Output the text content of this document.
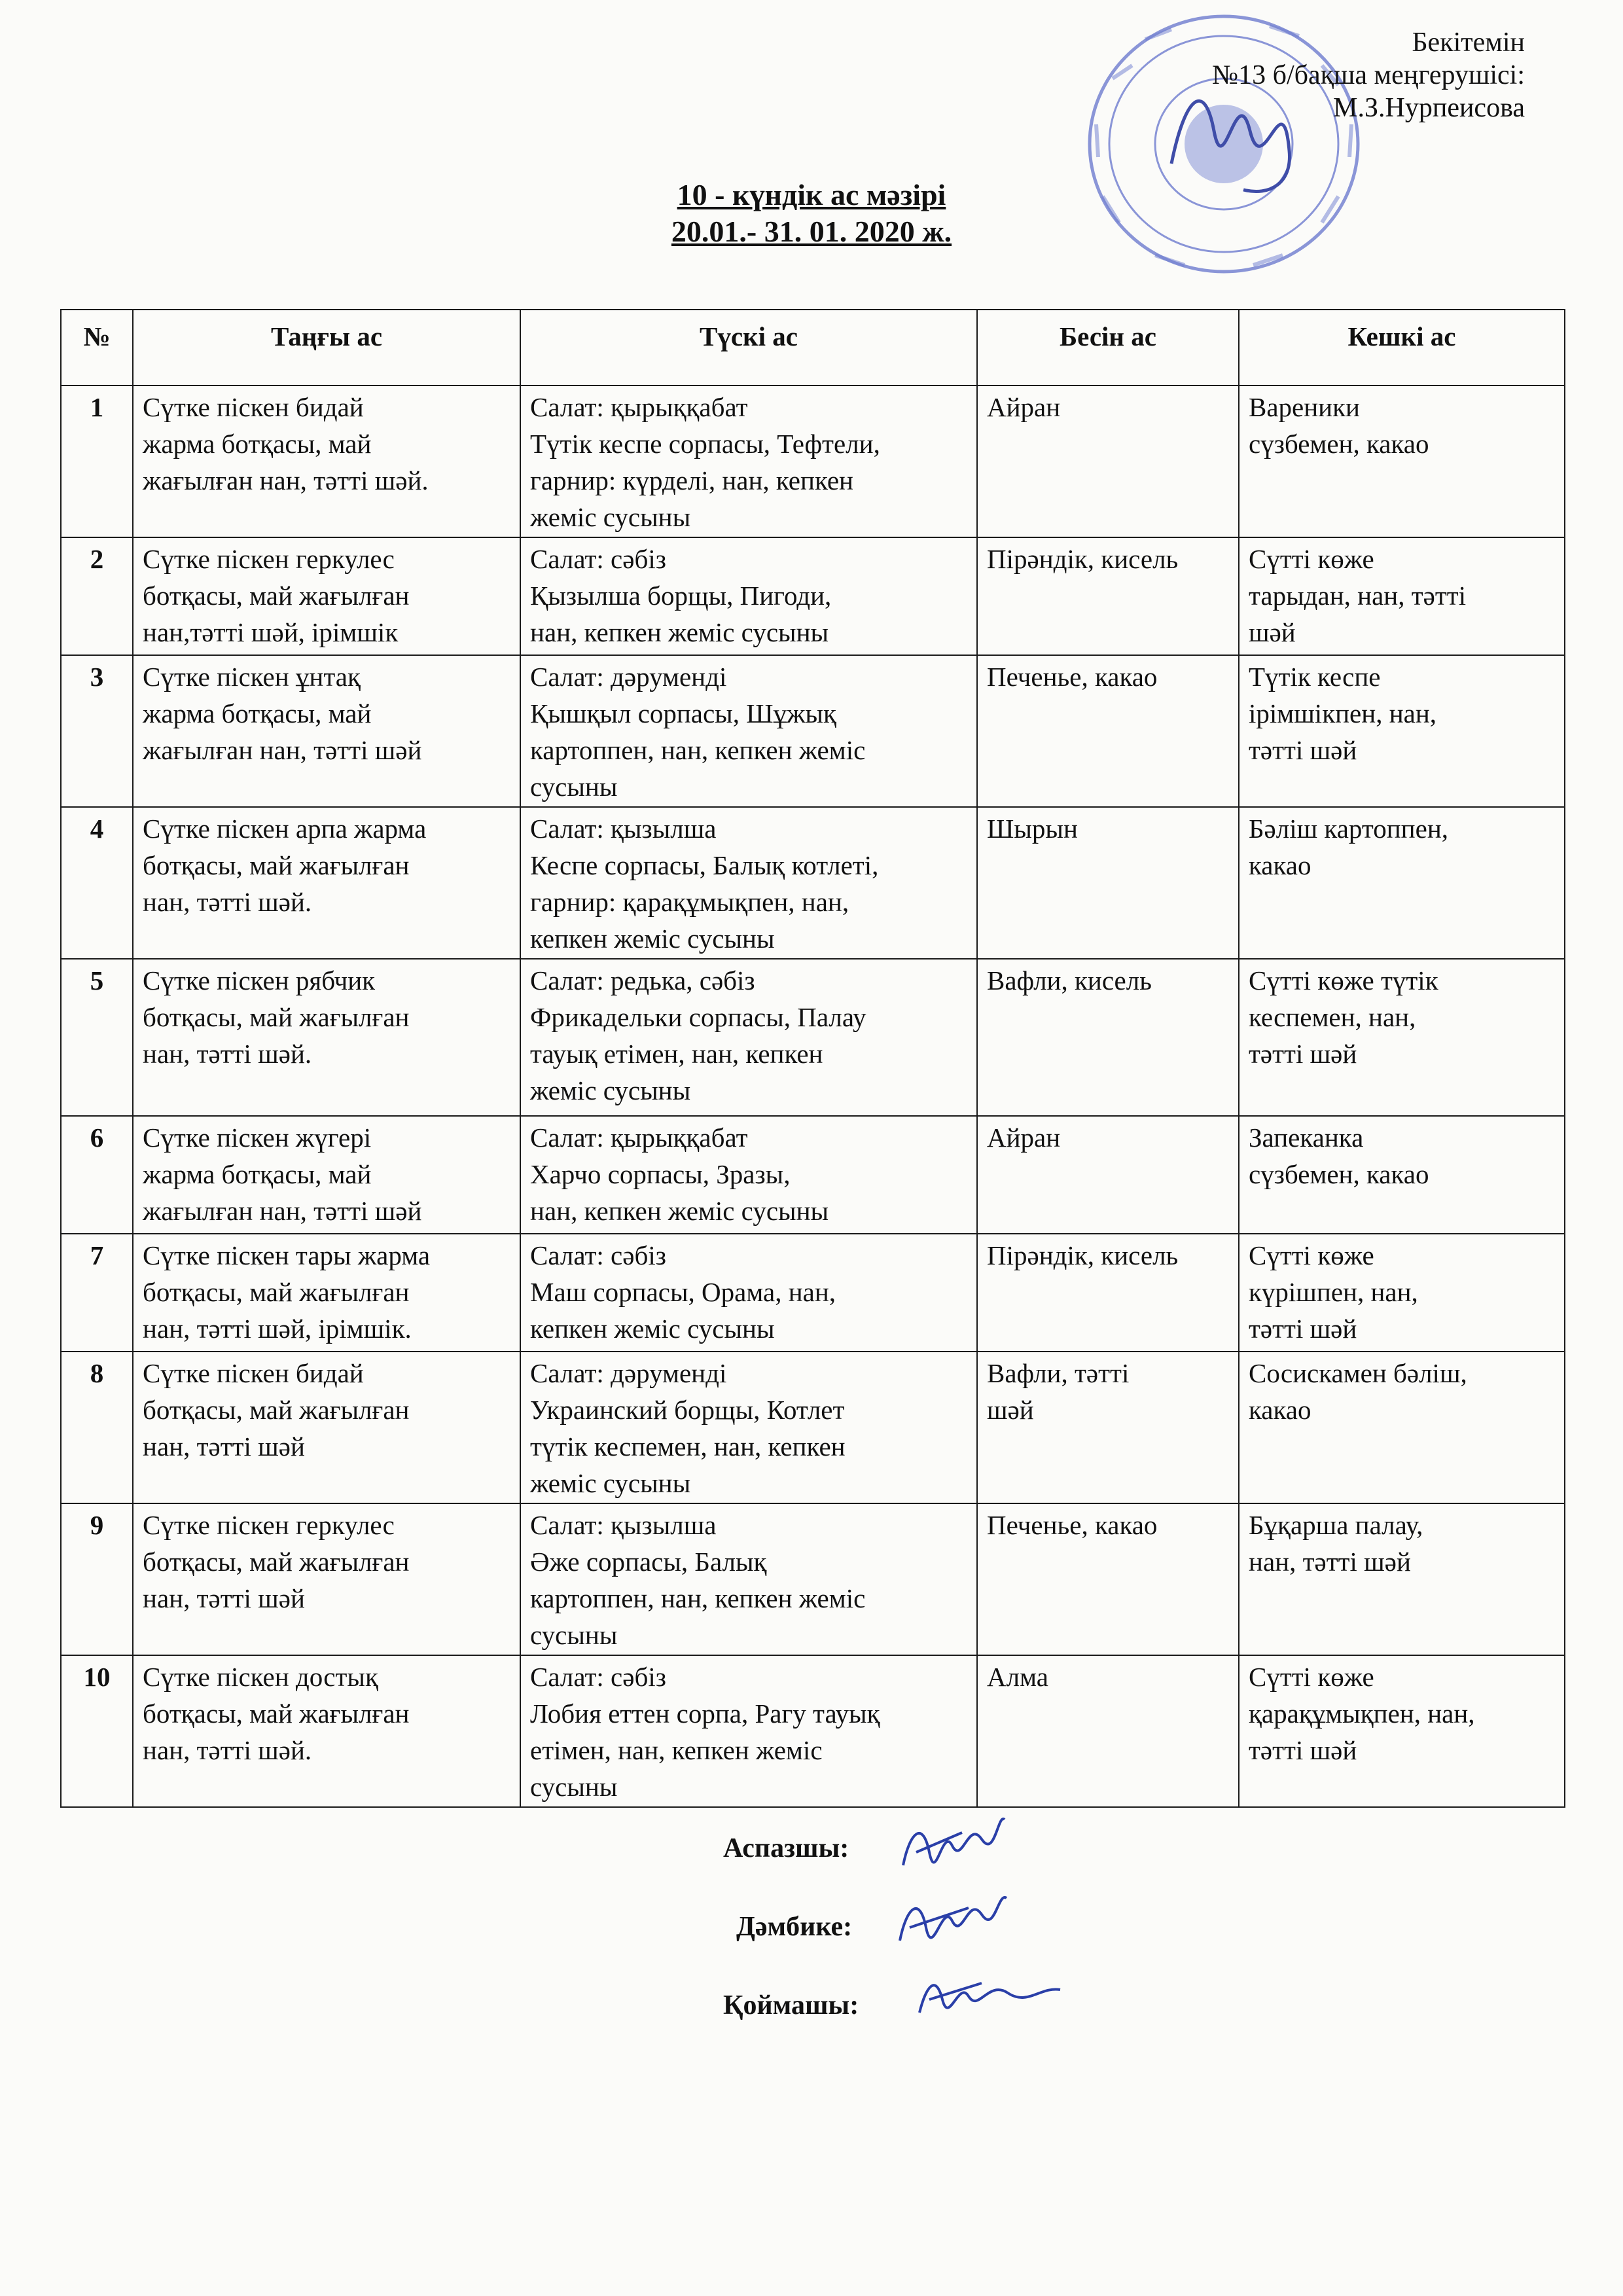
Бекітемін
№13 б/бақша меңгерушісі:
М.З.Нурпеисова
10 - күндік ас мәзірі
20.01.- 31. 01. 2020 ж.
№	Таңғы ас	Түскі ас	Бесін ас	Кешкі ас
1	Сүтке піскен бидай
жарма ботқасы, май
жағылған нан, тәтті шәй.	Салат: қырыққабат
Түтік кеспе сорпасы, Тефтели,
гарнир: күрделі, нан, кепкен
жеміс сусыны	Айран	Вареники
сүзбемен, какао

2	Сүтке піскен геркулес
ботқасы, май жағылған
нан,тәтті шәй, ірімшік	Салат: сәбіз
Қызылша борщы, Пигоди,
нан, кепкен жеміс сусыны	Пірәндік, кисель	Сүтті көже
тарыдан, нан, тәтті
шәй

3	Сүтке піскен ұнтақ
жарма ботқасы, май
жағылған нан, тәтті шәй	Салат: дәруменді
Қышқыл сорпасы, Шұжық
картоппен, нан, кепкен жеміс
сусыны	Печенье, какао	Түтік кеспе
ірімшікпен, нан,
тәтті шәй

4	Сүтке піскен арпа жарма
ботқасы, май жағылған
нан, тәтті шәй.	Салат: қызылша
Кеспе сорпасы, Балық котлеті,
гарнир: қарақұмықпен, нан,
кепкен жеміс сусыны	Шырын	Бәліш картоппен,
какао

5	Сүтке піскен рябчик
ботқасы, май жағылған
нан, тәтті шәй.	Салат: редька, сәбіз
Фрикадельки сорпасы, Палау
тауық етімен, нан, кепкен
жеміс сусыны	Вафли, кисель	Сүтті көже түтік
кеспемен, нан,
тәтті шәй

6	Сүтке піскен жүгері
жарма ботқасы, май
жағылған нан, тәтті шәй	Салат: қырыққабат
Харчо сорпасы, Зразы,
нан, кепкен жеміс сусыны	Айран	Запеканка
сүзбемен, какао

7	Сүтке піскен тары жарма
ботқасы, май жағылған
нан, тәтті шәй, ірімшік.	Салат: сәбіз
Маш сорпасы, Орама, нан,
кепкен жеміс сусыны	Пірәндік, кисель	Сүтті көже
күрішпен, нан,
тәтті шәй

8	Сүтке піскен бидай
ботқасы, май жағылған
нан, тәтті шәй	Салат: дәруменді
Украинский борщы, Котлет
түтік кеспемен, нан, кепкен
жеміс сусыны	Вафли, тәтті
шәй	Сосискамен бәліш,
какао

9	Сүтке піскен геркулес
ботқасы, май жағылған
нан, тәтті шәй	Салат: қызылша
Әже сорпасы, Балық
картоппен, нан, кепкен жеміс
сусыны	Печенье, какао	Бұқарша палау,
нан, тәтті шәй

10	Сүтке піскен достық
ботқасы, май жағылған
нан, тәтті шәй.	Салат: сәбіз
Лобия еттен сорпа, Рагу тауық
етімен, нан, кепкен жеміс
сусыны	Алма	Сүтті көже
қарақұмықпен, нан,
тәтті шәй
Аспазшы:
Дәмбике:
Қоймашы:
